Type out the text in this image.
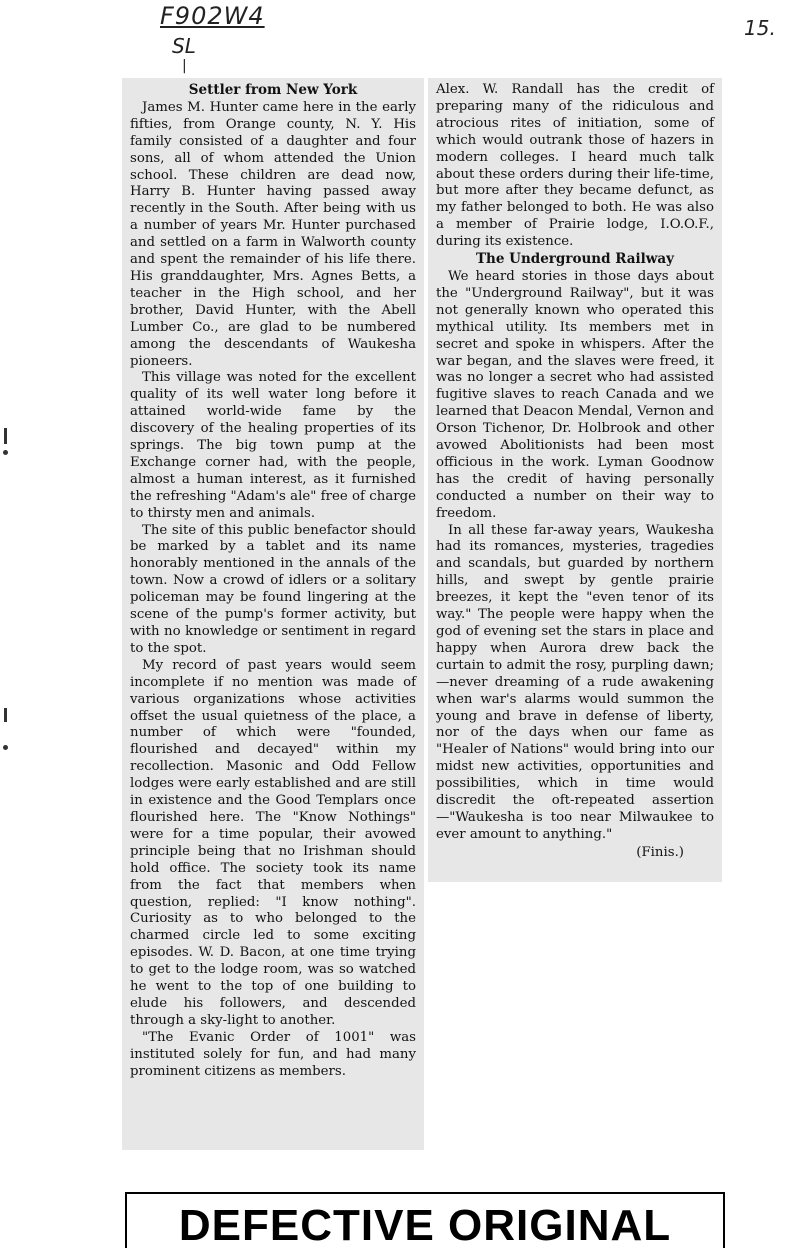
F902W4
SL
|
15.
Settler from New York

James M. Hunter came here in the early fifties, from Orange county, N. Y. His family consisted of a daughter and four sons, all of whom attended the Union school. These children are dead now, Harry B. Hunter having passed away recently in the South. After being with us a number of years Mr. Hunter purchased and settled on a farm in Walworth county and spent the remainder of his life there. His granddaughter, Mrs. Agnes Betts, a teacher in the High school, and her brother, David Hunter, with the Abell Lumber Co., are glad to be numbered among the descendants of Waukesha pioneers.

This village was noted for the excellent quality of its well water long before it attained world-wide fame by the discovery of the healing properties of its springs. The big town pump at the Exchange corner had, with the people, almost a human interest, as it furnished the refreshing "Adam's ale" free of charge to thirsty men and animals.

The site of this public benefactor should be marked by a tablet and its name honorably mentioned in the annals of the town. Now a crowd of idlers or a solitary policeman may be found lingering at the scene of the pump's former activity, but with no knowledge or sentiment in regard to the spot.

My record of past years would seem incomplete if no mention was made of various organizations whose activities offset the usual quietness of the place, a number of which were "founded, flourished and decayed" within my recollection. Masonic and Odd Fellow lodges were early established and are still in existence and the Good Templars once flourished here. The "Know Nothings" were for a time popular, their avowed principle being that no Irishman should hold office. The society took its name from the fact that members when question, replied: "I know nothing". Curiosity as to who belonged to the charmed circle led to some exciting episodes. W. D. Bacon, at one time trying to get to the lodge room, was so watched he went to the top of one building to elude his followers, and descended through a sky-light to another.

"The Evanic Order of 1001" was instituted solely for fun, and had many prominent citizens as members.

Alex. W. Randall has the credit of preparing many of the ridiculous and atrocious rites of initiation, some of which would outrank those of hazers in modern colleges. I heard much talk about these orders during their life-time, but more after they became defunct, as my father belonged to both. He was also a member of Prairie lodge, I.O.O.F., during its existence.

The Underground Railway

We heard stories in those days about the "Underground Railway", but it was not generally known who operated this mythical utility. Its members met in secret and spoke in whispers. After the war began, and the slaves were freed, it was no longer a secret who had assisted fugitive slaves to reach Canada and we learned that Deacon Mendal, Vernon and Orson Tichenor, Dr. Holbrook and other avowed Abolitionists had been most officious in the work. Lyman Goodnow has the credit of having personally conducted a number on their way to freedom.

In all these far-away years, Waukesha had its romances, mysteries, tragedies and scandals, but guarded by northern hills, and swept by gentle prairie breezes, it kept the "even tenor of its way." The people were happy when the god of evening set the stars in place and happy when Aurora drew back the curtain to admit the rosy, purpling dawn;—never dreaming of a rude awakening when war's alarms would summon the young and brave in defense of liberty, nor of the days when our fame as "Healer of Nations" would bring into our midst new activities, opportunities and possibilities, which in time would discredit the oft-repeated assertion—"Waukesha is too near Milwaukee to ever amount to anything."

(Finis.)
DEFECTIVE ORIGINAL
